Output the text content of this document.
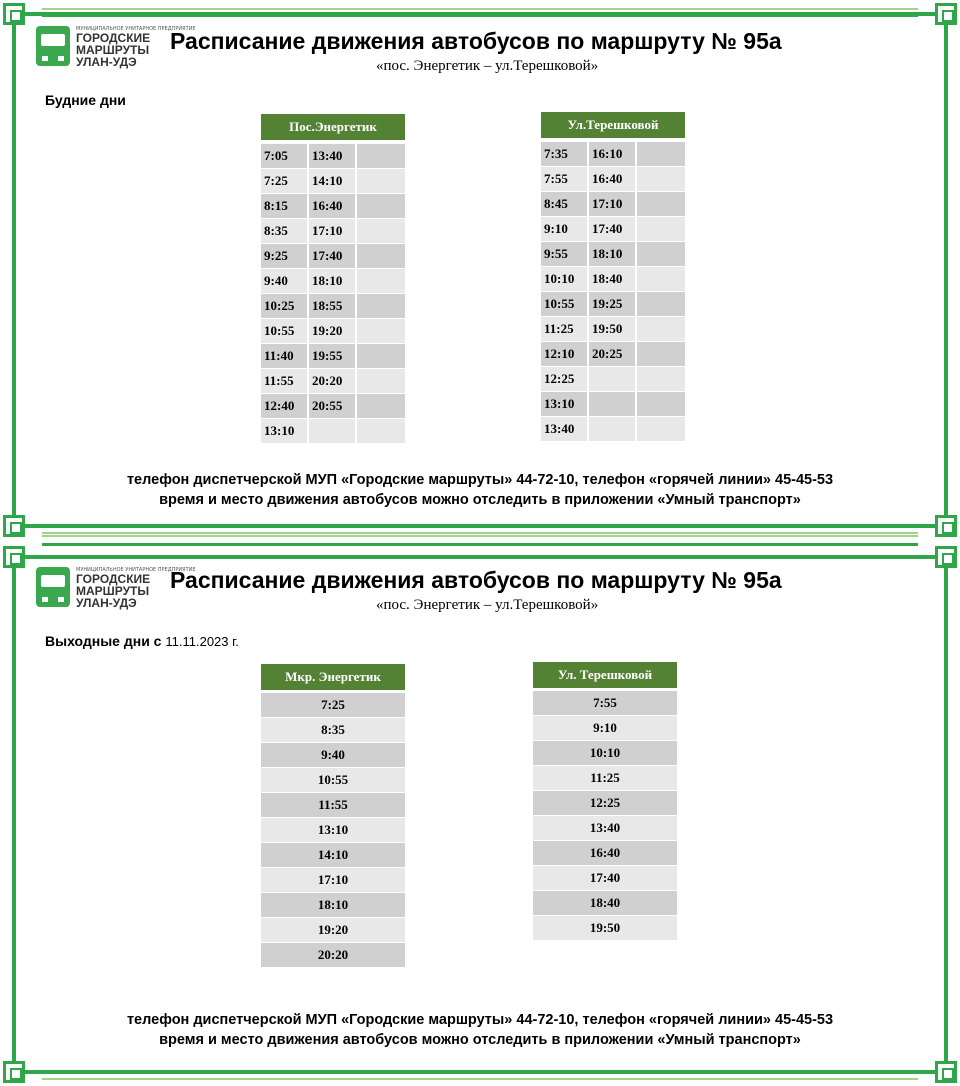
МУНИЦИПАЛЬНОЕ УНИТАРНОЕ ПРЕДПРИЯТИЕ
ГОРОДСКИЕ
МАРШРУТЫ
УЛАН-УДЭ
Расписание движения автобусов по маршруту № 95а
«пос. Энергетик – ул.Терешковой»
Будние дни
Пос.Энергетик
7:05	13:40
7:25	14:10
8:15	16:40
8:35	17:10
9:25	17:40
9:40	18:10
10:25	18:55
10:55	19:20
11:40	19:55
11:55	20:20
12:40	20:55
13:10
Ул.Терешковой
7:35	16:10
7:55	16:40
8:45	17:10
9:10	17:40
9:55	18:10
10:10	18:40
10:55	19:25
11:25	19:50
12:10	20:25
12:25
13:10
13:40
телефон диспетчерской МУП «Городские маршруты» 44-72-10, телефон «горячей линии» 45-45-53
время и место движения автобусов можно отследить в приложении «Умный транспорт»
МУНИЦИПАЛЬНОЕ УНИТАРНОЕ ПРЕДПРИЯТИЕ
ГОРОДСКИЕ
МАРШРУТЫ
УЛАН-УДЭ
Расписание движения автобусов по маршруту № 95а
«пос. Энергетик – ул.Терешковой»
Выходные дни с 11.11.2023 г.
Мкр. Энергетик
7:25
8:35
9:40
10:55
11:55
13:10
14:10
17:10
18:10
19:20
20:20
Ул. Терешковой
7:55
9:10
10:10
11:25
12:25
13:40
16:40
17:40
18:40
19:50
телефон диспетчерской МУП «Городские маршруты» 44-72-10, телефон «горячей линии» 45-45-53
время и место движения автобусов можно отследить в приложении «Умный транспорт»
